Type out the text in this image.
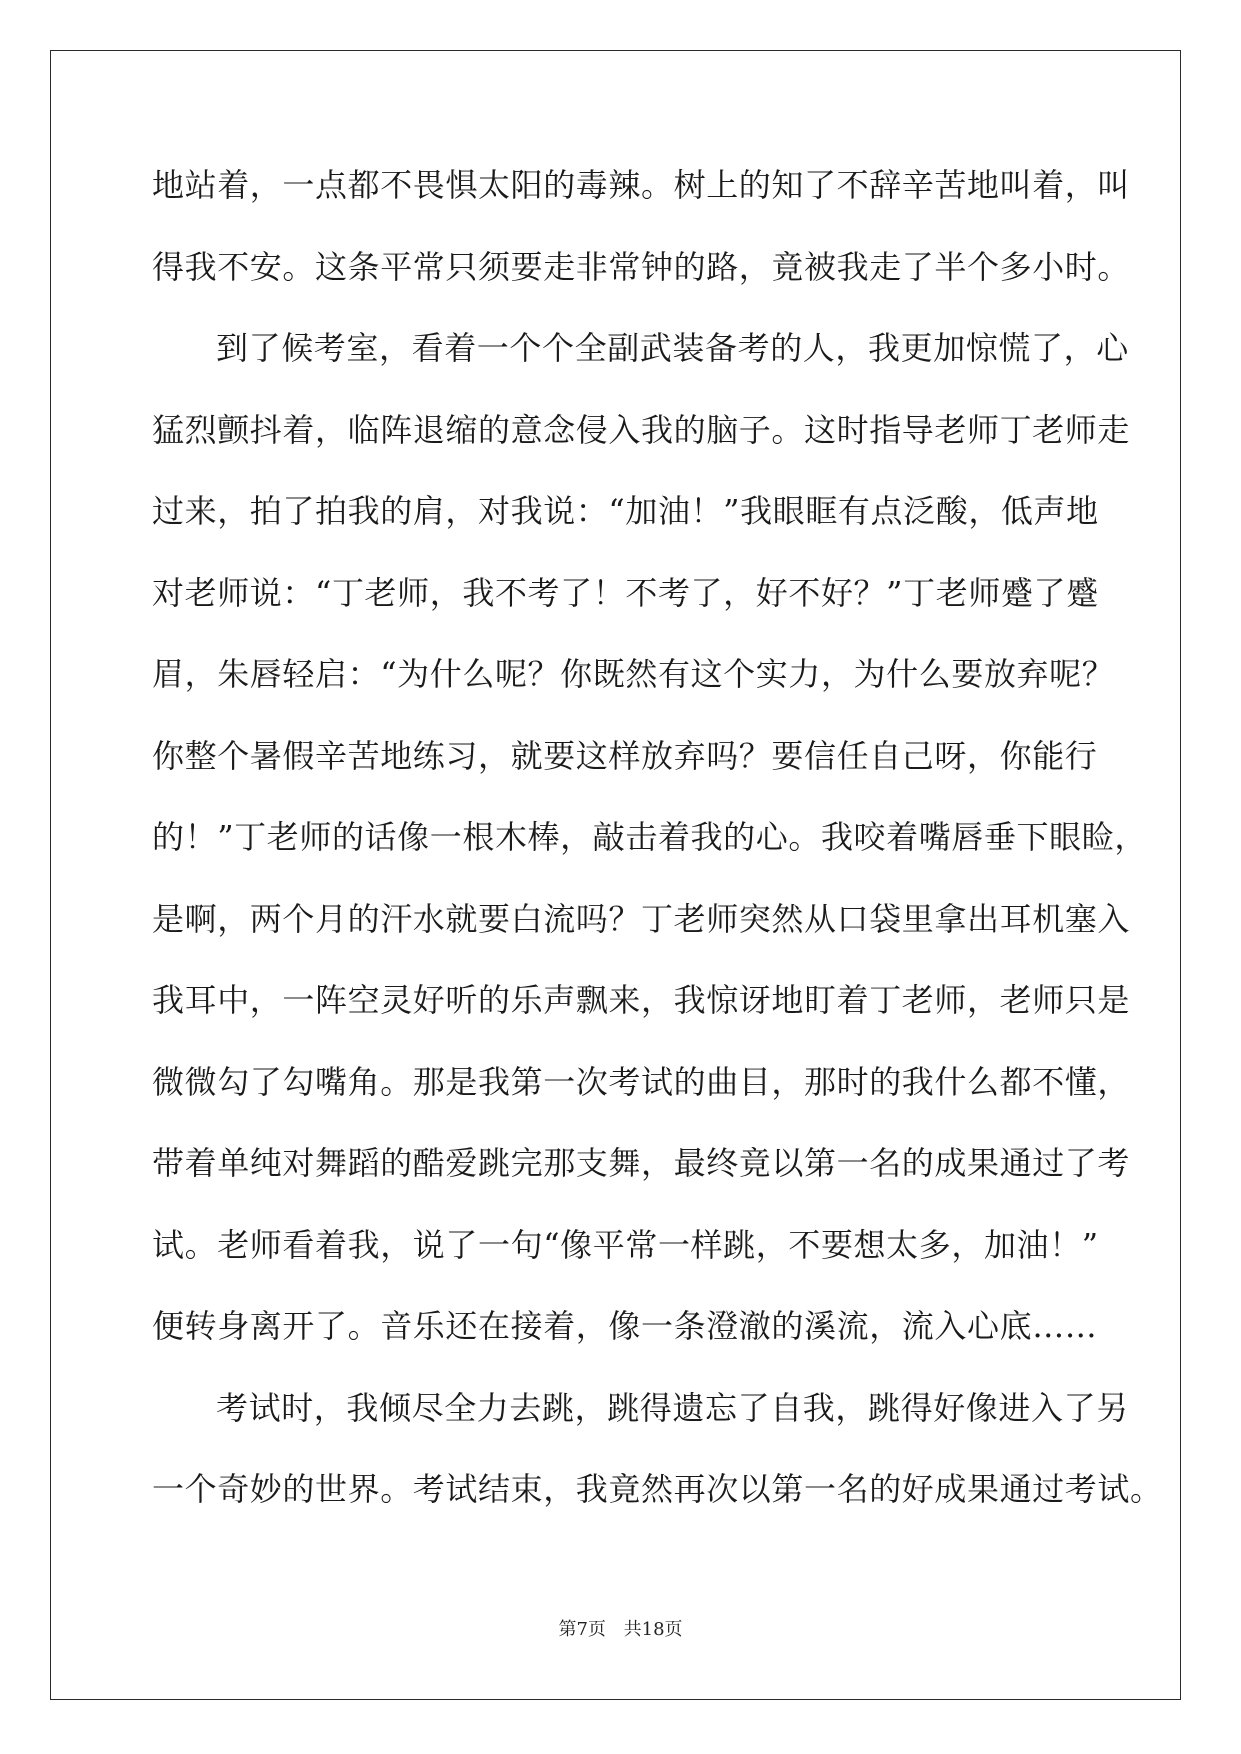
地站着，一点都不畏惧太阳的毒辣。树上的知了不辞辛苦地叫着，叫
得我不安。这条平常只须要走非常钟的路，竟被我走了半个多小时。
到了候考室，看着一个个全副武装备考的人，我更加惊慌了，心
猛烈颤抖着，临阵退缩的意念侵入我的脑子。这时指导老师丁老师走
过来，拍了拍我的肩，对我说：“加油！”我眼眶有点泛酸，低声地
对老师说：“丁老师，我不考了！不考了，好不好？”丁老师蹙了蹙
眉，朱唇轻启：“为什么呢？你既然有这个实力，为什么要放弃呢？
你整个暑假辛苦地练习，就要这样放弃吗？要信任自己呀，你能行
的！”丁老师的话像一根木棒，敲击着我的心。我咬着嘴唇垂下眼睑，
是啊，两个月的汗水就要白流吗？丁老师突然从口袋里拿出耳机塞入
我耳中，一阵空灵好听的乐声飘来，我惊讶地盯着丁老师，老师只是
微微勾了勾嘴角。那是我第一次考试的曲目，那时的我什么都不懂，
带着单纯对舞蹈的酷爱跳完那支舞，最终竟以第一名的成果通过了考
试。老师看着我，说了一句“像平常一样跳，不要想太多，加油！”
便转身离开了。音乐还在接着，像一条澄澈的溪流，流入心底……
考试时，我倾尽全力去跳，跳得遗忘了自我，跳得好像进入了另
一个奇妙的世界。考试结束，我竟然再次以第一名的好成果通过考试。
第7页 共18页
